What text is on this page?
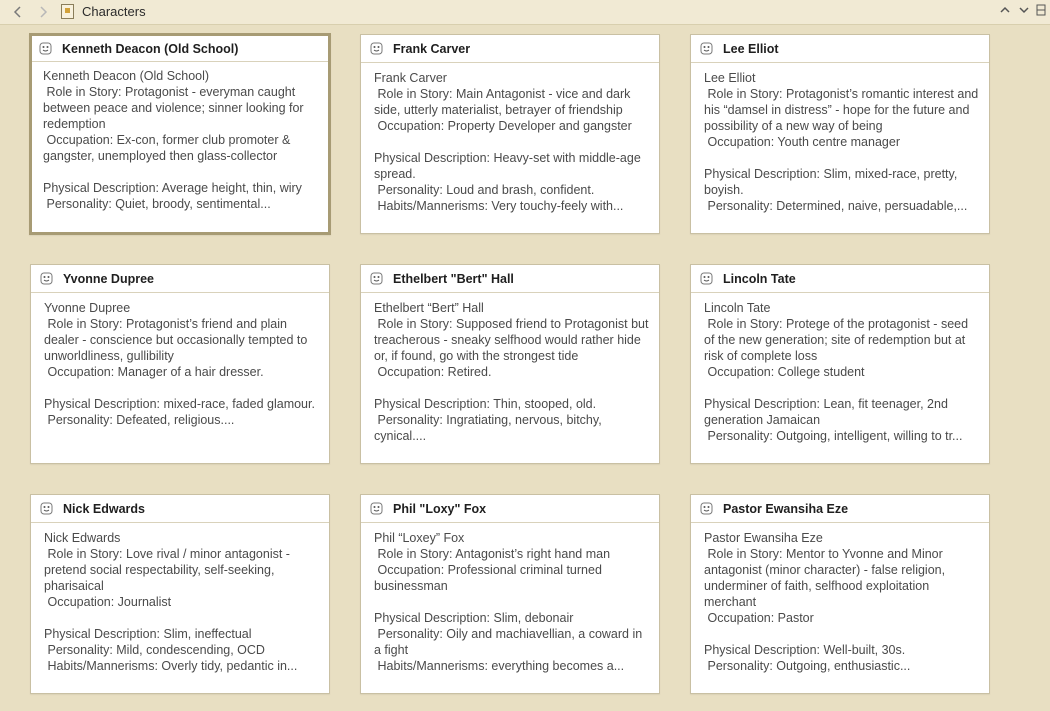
Characters
Kenneth Deacon (Old School)
Kenneth Deacon (Old School)
Role in Story: Protagonist - everyman caught between peace and violence; sinner looking for redemption
Occupation: Ex-con, former club promoter & gangster, unemployed then glass-collector

Physical Description: Average height, thin, wiry
Personality: Quiet, broody, sentimental...
Frank Carver
Frank Carver
Role in Story: Main Antagonist - vice and dark side, utterly materialist, betrayer of friendship
Occupation: Property Developer and gangster

Physical Description: Heavy-set with middle-age spread.
Personality: Loud and brash, confident.
Habits/Mannerisms: Very touchy-feely with...
Lee Elliot
Lee Elliot
Role in Story: Protagonist’s romantic interest and his “damsel in distress” - hope for the future and possibility of a new way of being
Occupation: Youth centre manager

Physical Description: Slim, mixed-race, pretty, boyish.
Personality: Determined, naive, persuadable,...
Yvonne Dupree
Yvonne Dupree
Role in Story: Protagonist’s friend and plain dealer - conscience but occasionally tempted to unworldliness, gullibility
Occupation: Manager of a hair dresser.

Physical Description: mixed-race, faded glamour.
Personality: Defeated, religious....
Ethelbert "Bert" Hall
Ethelbert “Bert” Hall
Role in Story: Supposed friend to Protagonist but treacherous - sneaky selfhood would rather hide or, if found, go with the strongest tide
Occupation: Retired.

Physical Description: Thin, stooped, old.
Personality: Ingratiating, nervous, bitchy, cynical....
Lincoln Tate
Lincoln Tate
Role in Story: Protege of the protagonist - seed of the new generation; site of redemption but at risk of complete loss
Occupation: College student

Physical Description: Lean, fit teenager, 2nd generation Jamaican
Personality: Outgoing, intelligent, willing to tr...
Nick Edwards
Nick Edwards
Role in Story: Love rival / minor antagonist - pretend social respectability, self-seeking, pharisaical
Occupation: Journalist

Physical Description: Slim, ineffectual
Personality: Mild, condescending, OCD
Habits/Mannerisms: Overly tidy, pedantic in...
Phil "Loxy" Fox
Phil “Loxey” Fox
Role in Story: Antagonist’s right hand man
Occupation: Professional criminal turned businessman

Physical Description: Slim, debonair
Personality: Oily and machiavellian, a coward in a fight
Habits/Mannerisms: everything becomes a...
Pastor Ewansiha Eze
Pastor Ewansiha Eze
Role in Story: Mentor to Yvonne and Minor antagonist (minor character) - false religion, underminer of faith, selfhood exploitation merchant
Occupation: Pastor

Physical Description: Well-built, 30s.
Personality: Outgoing, enthusiastic...
